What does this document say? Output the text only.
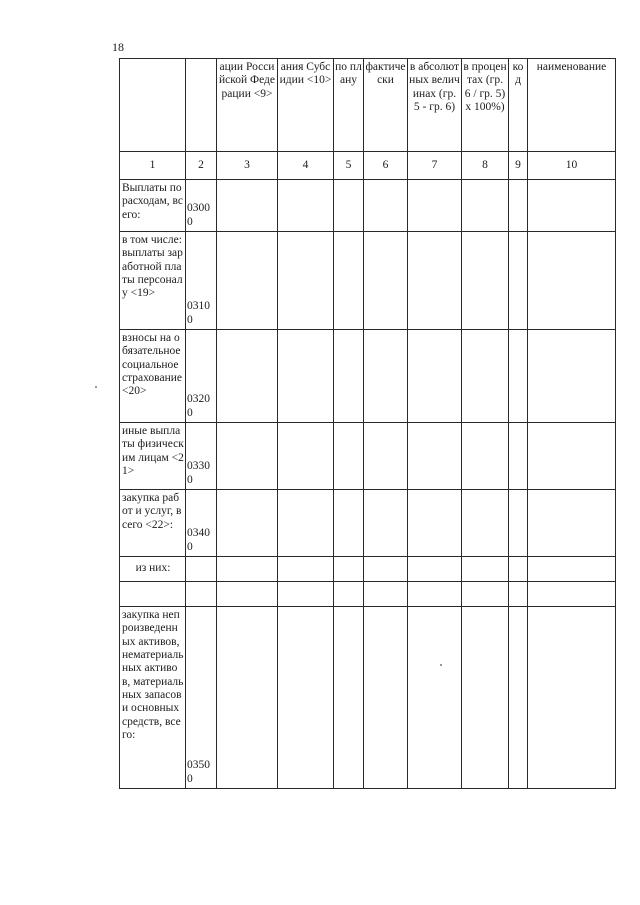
18
		ации Российской Федерации <9>	ания Субсидии <10>	по плану	фактически	в абсолютных величинах (гр. 5 - гр. 6)	в процентах (гр. 6 / гр. 5) x 100%)	код	наименование
1	2	3	4	5	6	7	8	9	10
Выплаты по расходам, всего:	03000								
в том числе: выплаты заработной платы персоналу <19>	03100								
взносы на обязательное социальное страхование <20>	03200								
иные выплаты физическим лицам <21>	03300								
закупка работ и услуг, всего <22>:	03400								
из них:									

закупка непроизведенных активов, нематериальных активов, материальных запасов и основных средств, всего:	03500								
